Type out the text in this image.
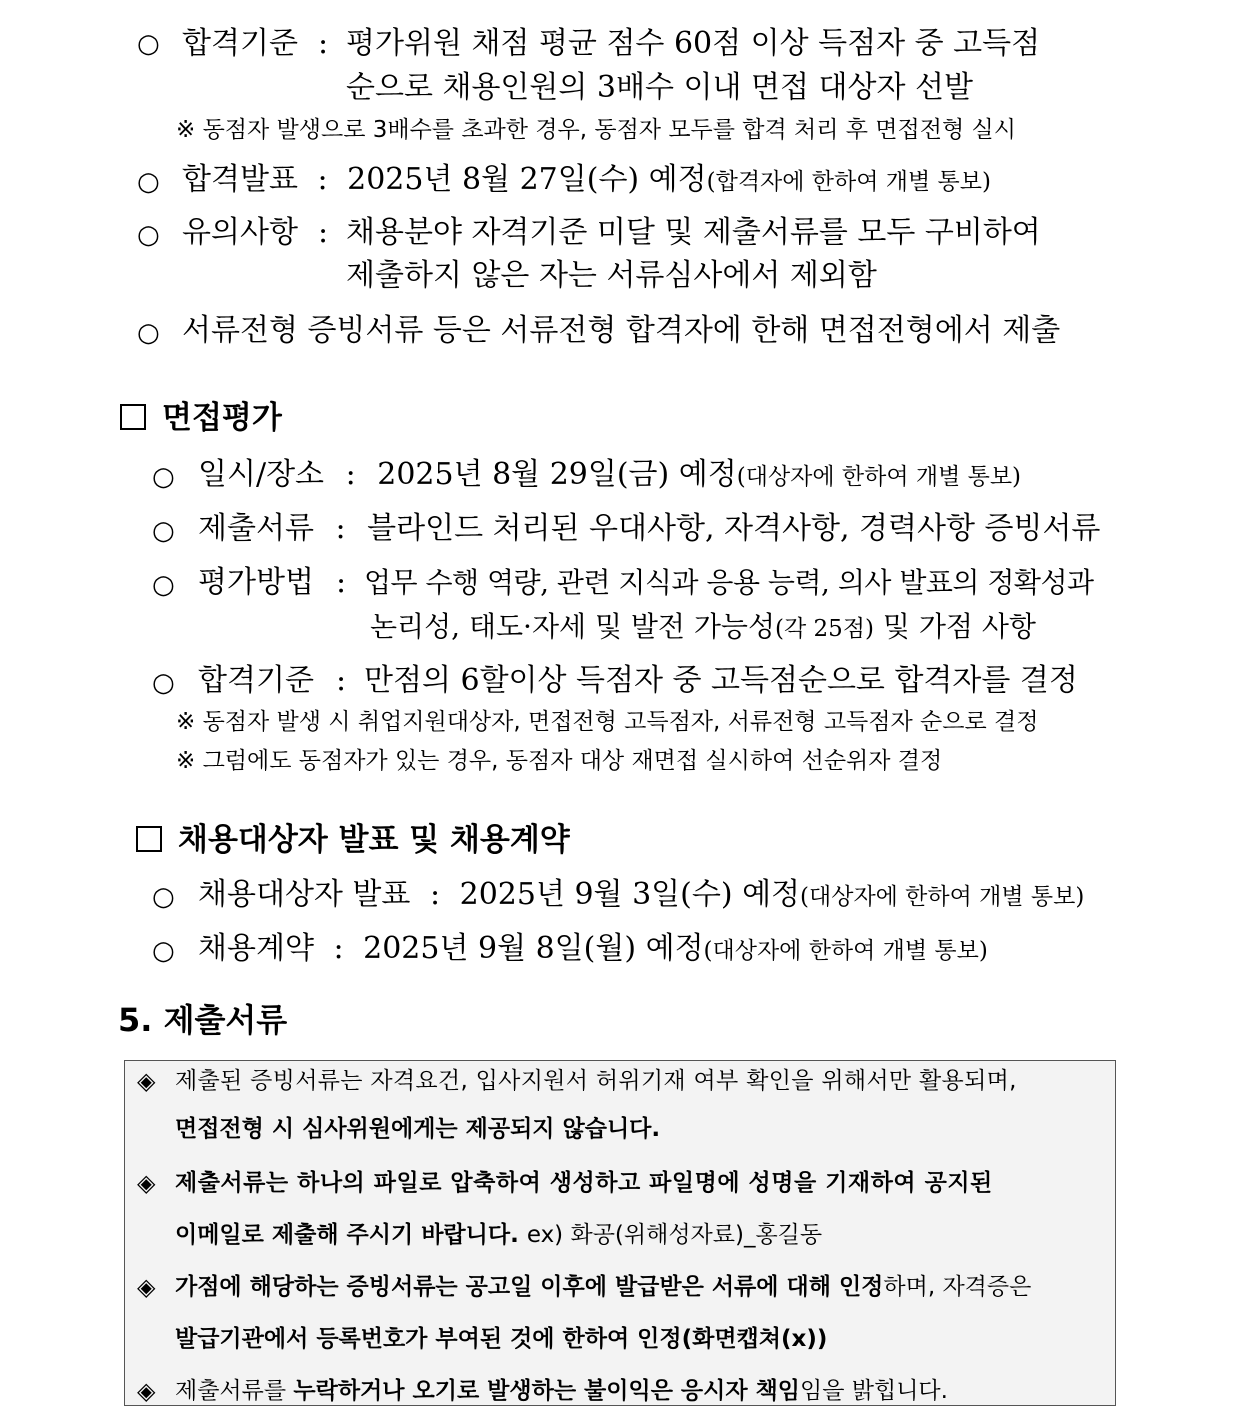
○ 합격기준 : 평가위원 채점 평균 점수 60점 이상 득점자 중 고득점
순으로 채용인원의 3배수 이내 면접 대상자 선발
※ 동점자 발생으로 3배수를 초과한 경우, 동점자 모두를 합격 처리 후 면접전형 실시
○ 합격발표 : 2025년 8월 27일(수) 예정(합격자에 한하여 개별 통보)
○ 유의사항 : 채용분야 자격기준 미달 및 제출서류를 모두 구비하여
제출하지 않은 자는 서류심사에서 제외함
○ 서류전형 증빙서류 등은 서류전형 합격자에 한해 면접전형에서 제출
면접평가
○ 일시/장소 : 2025년 8월 29일(금) 예정(대상자에 한하여 개별 통보)
○ 제출서류 : 블라인드 처리된 우대사항, 자격사항, 경력사항 증빙서류
○ 평가방법 : 업무 수행 역량, 관련 지식과 응용 능력, 의사 발표의 정확성과
논리성, 태도·자세 및 발전 가능성(각 25점) 및 가점 사항
○ 합격기준 : 만점의 6할이상 득점자 중 고득점순으로 합격자를 결정
※ 동점자 발생 시 취업지원대상자, 면접전형 고득점자, 서류전형 고득점자 순으로 결정
※ 그럼에도 동점자가 있는 경우, 동점자 대상 재면접 실시하여 선순위자 결정
채용대상자 발표 및 채용계약
○ 채용대상자 발표 : 2025년 9월 3일(수) 예정(대상자에 한하여 개별 통보)
○ 채용계약 : 2025년 9월 8일(월) 예정(대상자에 한하여 개별 통보)
5. 제출서류
◈ 제출된 증빙서류는 자격요건, 입사지원서 허위기재 여부 확인을 위해서만 활용되며,
면접전형 시 심사위원에게는 제공되지 않습니다.
◈ 제출서류는 하나의 파일로 압축하여 생성하고 파일명에 성명을 기재하여 공지된
이메일로 제출해 주시기 바랍니다. ex) 화공(위해성자료)_홍길동
◈ 가점에 해당하는 증빙서류는 공고일 이후에 발급받은 서류에 대해 인정하며, 자격증은
발급기관에서 등록번호가 부여된 것에 한하여 인정(화면캡쳐(x))
◈ 제출서류를 누락하거나 오기로 발생하는 불이익은 응시자 책임임을 밝힙니다.
